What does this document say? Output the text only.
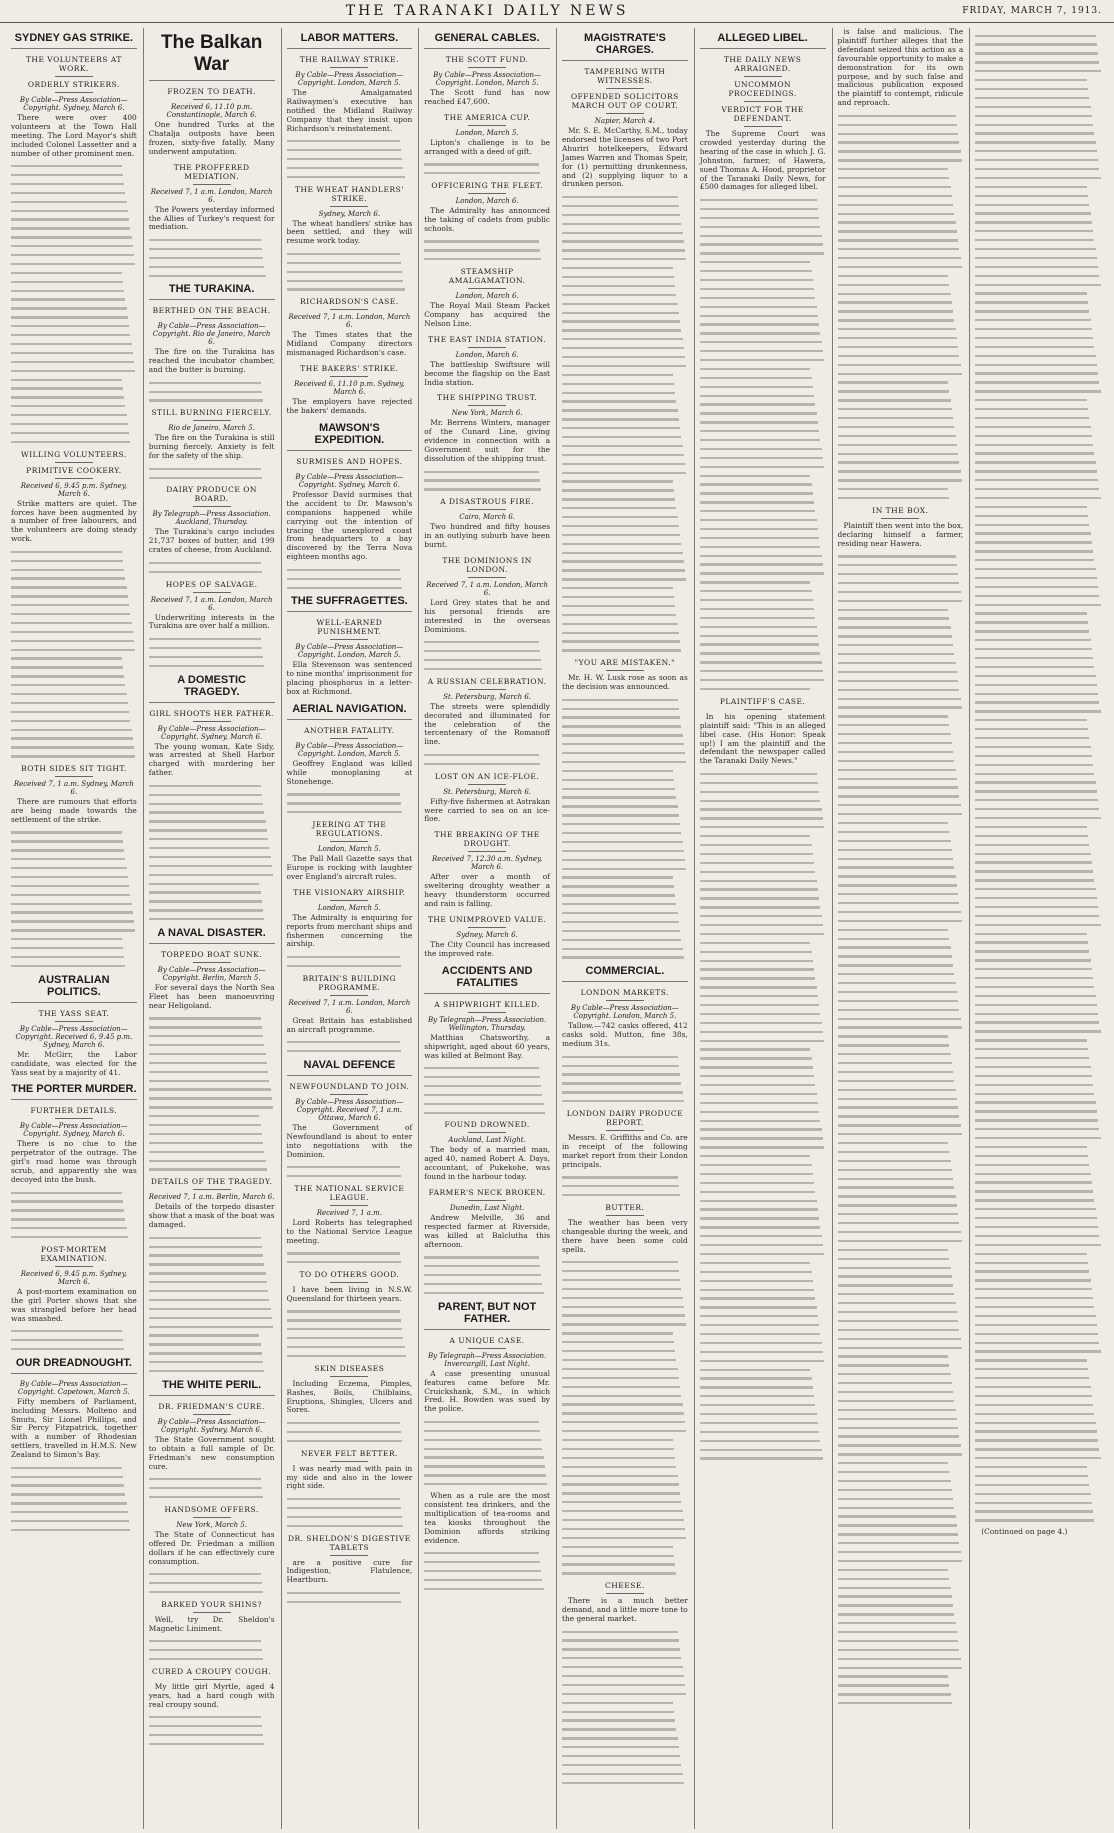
THE TARANAKI DAILY NEWS	FRIDAY, MARCH 7, 1913.
SYDNEY GAS STRIKE.
THE VOLUNTEERS AT WORK.
ORDERLY STRIKERS.
By Cable—Press Association—Copyright. Sydney, March 6.

There were over 400 volunteers at the Town Hall meeting. The Lord Mayor's shift included Colonel Lassetter and a number of other prominent men.

WILLING VOLUNTEERS.
PRIMITIVE COOKERY.
Received 6, 9.45 p.m. Sydney, March 6.

Strike matters are quiet. The forces have been augmented by a number of free labourers, and the volunteers are doing steady work.

BOTH SIDES SIT TIGHT.
Received 7, 1 a.m. Sydney, March 6.

There are rumours that efforts are being made towards the settlement of the strike.

AUSTRALIAN POLITICS.
THE YASS SEAT.
By Cable—Press Association—Copyright. Received 6, 9.45 p.m. Sydney, March 6.

Mr. McGirr, the Labor candidate, was elected for the Yass seat by a majority of 41.

THE PORTER MURDER.
FURTHER DETAILS.
By Cable—Press Association—Copyright. Sydney, March 6.

There is no clue to the perpetrator of the outrage. The girl's road home was through scrub, and apparently she was decoyed into the bush.

POST-MORTEM EXAMINATION.
Received 6, 9.45 p.m. Sydney, March 6.

A post-mortem examination on the girl Porter shows that she was strangled before her head was smashed.

OUR DREADNOUGHT.
By Cable—Press Association—Copyright. Capetown, March 5.

Fifty members of Parliament, including Messrs. Molteno and Smuts, Sir Lionel Phillips, and Sir Percy Fitzpatrick, together with a number of Rhodesian settlers, travelled in H.M.S. New Zealand to Simon's Bay.

The Balkan War
FROZEN TO DEATH.
Received 6, 11.10 p.m. Constantinople, March 6.

One hundred Turks at the Chatalja outposts have been frozen, sixty-five fatally. Many underwent amputation.

THE PROFFERED MEDIATION.
Received 7, 1 a.m. London, March 6.

The Powers yesterday informed the Allies of Turkey's request for mediation.

THE TURAKINA.
BERTHED ON THE BEACH.
By Cable—Press Association—Copyright. Rio de Janeiro, March 6.

The fire on the Turakina has reached the incubator chamber, and the butter is burning.

STILL BURNING FIERCELY.
Rio de Janeiro, March 5.

The fire on the Turakina is still burning fiercely. Anxiety is felt for the safety of the ship.

DAIRY PRODUCE ON BOARD.
By Telegraph—Press Association. Auckland, Thursday.

The Turakina's cargo includes 21,737 boxes of butter, and 199 crates of cheese, from Auckland.

HOPES OF SALVAGE.
Received 7, 1 a.m. London, March 6.

Underwriting interests in the Turakina are over half a million.

A DOMESTIC TRAGEDY.
GIRL SHOOTS HER FATHER.
By Cable—Press Association—Copyright. Sydney, March 6.

The young woman, Kate Sidy, was arrested at Shell Harbor charged with murdering her father.

A NAVAL DISASTER.
TORPEDO BOAT SUNK.
By Cable—Press Association—Copyright. Berlin, March 5.

For several days the North Sea Fleet has been manoeuvring near Heligoland.

DETAILS OF THE TRAGEDY.
Received 7, 1 a.m. Berlin, March 6.

Details of the torpedo disaster show that a mask of the boat was damaged.

THE WHITE PERIL.
DR. FRIEDMAN'S CURE.
By Cable—Press Association—Copyright. Sydney, March 6.

The State Government sought to obtain a full sample of Dr. Friedman's new consumption cure.

HANDSOME OFFERS.
New York, March 5.

The State of Connecticut has offered Dr. Friedman a million dollars if he can effectively cure consumption.

BARKED YOUR SHINS?

Well, try Dr. Sheldon's Magnetic Liniment.

CURED A CROUPY COUGH.

My little girl Myrtle, aged 4 years, had a hard cough with real croupy sound.

LABOR MATTERS.
THE RAILWAY STRIKE.
By Cable—Press Association—Copyright. London, March 5.

The Amalgamated Railwaymen's executive has notified the Midland Railway Company that they insist upon Richardson's reinstatement.

THE WHEAT HANDLERS' STRIKE.
Sydney, March 6.

The wheat handlers' strike has been settled, and they will resume work today.

RICHARDSON'S CASE.
Received 7, 1 a.m. London, March 6.

The Times states that the Midland Company directors mismanaged Richardson's case.

THE BAKERS' STRIKE.
Received 6, 11.10 p.m. Sydney, March 6.

The employers have rejected the bakers' demands.

MAWSON'S EXPEDITION.
SURMISES AND HOPES.
By Cable—Press Association—Copyright. Sydney, March 6.

Professor David surmises that the accident to Dr. Mawson's companions happened while carrying out the intention of tracing the unexplored coast from headquarters to a bay discovered by the Terra Nova eighteen months ago.

THE SUFFRAGETTES.
WELL-EARNED PUNISHMENT.
By Cable—Press Association—Copyright. London, March 5.

Ella Stevenson was sentenced to nine months' imprisonment for placing phosphorus in a letter-box at Richmond.

AERIAL NAVIGATION.
ANOTHER FATALITY.
By Cable—Press Association—Copyright. London, March 5.

Geoffrey England was killed while monoplaning at Stonehenge.

JEERING AT THE REGULATIONS.
London, March 5.

The Pall Mall Gazette says that Europe is rocking with laughter over England's aircraft rules.

THE VISIONARY AIRSHIP.
London, March 5.

The Admiralty is enquiring for reports from merchant ships and fishermen concerning the airship.

BRITAIN'S BUILDING PROGRAMME.
Received 7, 1 a.m. London, March 6.

Great Britain has established an aircraft programme.

NAVAL DEFENCE
NEWFOUNDLAND TO JOIN.
By Cable—Press Association—Copyright. Received 7, 1 a.m. Ottawa, March 6.

The Government of Newfoundland is about to enter into negotiations with the Dominion.

THE NATIONAL SERVICE LEAGUE.
Received 7, 1 a.m.

Lord Roberts has telegraphed to the National Service League meeting.

TO DO OTHERS GOOD.

I have been living in N.S.W. Queensland for thirteen years.

SKIN DISEASES

Including Eczema, Pimples, Rashes, Boils, Chilblains, Eruptions, Shingles, Ulcers and Sores.

NEVER FELT BETTER.

I was nearly mad with pain in my side and also in the lower right side.

DR. SHELDON'S DIGESTIVE TABLETS

are a positive cure for Indigestion, Flatulence, Heartburn.

GENERAL CABLES.
THE SCOTT FUND.
By Cable—Press Association—Copyright. London, March 5.

The Scott fund has now reached £47,600.

THE AMERICA CUP.
London, March 5.

Lipton's challenge is to be arranged with a deed of gift.

OFFICERING THE FLEET.
London, March 6.

The Admiralty has announced the taking of cadets from public schools.

STEAMSHIP AMALGAMATION.
London, March 6.

The Royal Mail Steam Packet Company has acquired the Nelson Line.

THE EAST INDIA STATION.
London, March 6.

The battleship Swiftsure will become the flagship on the East India station.

THE SHIPPING TRUST.
New York, March 6.

Mr. Berrens Winters, manager of the Cunard Line, giving evidence in connection with a Government suit for the dissolution of the shipping trust.

A DISASTROUS FIRE.
Cairo, March 6.

Two hundred and fifty houses in an outlying suburb have been burnt.

THE DOMINIONS IN LONDON.
Received 7, 1 a.m. London, March 6.

Lord Grey states that he and his personal friends are interested in the overseas Dominions.

A RUSSIAN CELEBRATION.
St. Petersburg, March 6.

The streets were splendidly decorated and illuminated for the celebration of the tercentenary of the Romanoff line.

LOST ON AN ICE-FLOE.
St. Petersburg, March 6.

Fifty-five fishermen at Astrakan were carried to sea on an ice-floe.

THE BREAKING OF THE DROUGHT.
Received 7, 12.30 a.m. Sydney, March 6.

After over a month of sweltering droughty weather a heavy thunderstorm occurred and rain is falling.

THE UNIMPROVED VALUE.
Sydney, March 6.

The City Council has increased the improved rate.

ACCIDENTS AND FATALITIES
A SHIPWRIGHT KILLED.
By Telegraph—Press Association. Wellington, Thursday.

Matthias Chatsworthy, a shipwright, aged about 60 years, was killed at Belmont Bay.

FOUND DROWNED.
Auckland, Last Night.

The body of a married man, aged 40, named Robert A. Days, accountant, of Pukekohe, was found in the harbour today.

FARMER'S NECK BROKEN.
Dunedin, Last Night.

Andrew Melville, 36 and respected farmer at Riverside, was killed at Balclutha this afternoon.

PARENT, BUT NOT FATHER.
A UNIQUE CASE.
By Telegraph—Press Association. Invercargill, Last Night.

A case presenting unusual features came before Mr. Cruickshank, S.M., in which Fred. H. Bowden was sued by the police.

When as a rule are the most consistent tea drinkers, and the multiplication of tea-rooms and tea kiosks throughout the Dominion affords striking evidence.

MAGISTRATE'S CHARGES.
TAMPERING WITH WITNESSES.
OFFENDED SOLICITORS MARCH OUT OF COURT.
Napier, March 4.

Mr. S. E. McCarthy, S.M., today endorsed the licenses of two Port Ahuriri hotelkeepers, Edward James Warren and Thomas Speir, for (1) permitting drunkenness, and (2) supplying liquor to a drunken person.

"YOU ARE MISTAKEN."

Mr. H. W. Lusk rose as soon as the decision was announced.

COMMERCIAL.
LONDON MARKETS.
By Cable—Press Association—Copyright. London, March 5.

Tallow.—742 casks offered, 412 casks sold. Mutton, fine 38s, medium 31s.

LONDON DAIRY PRODUCE REPORT.

Messrs. E. Griffiths and Co. are in receipt of the following market report from their London principals.

BUTTER.

The weather has been very changeable during the week, and there have been some cold spells.

CHEESE.

There is a much better demand, and a little more tone to the general market.

ALLEGED LIBEL.
THE DAILY NEWS ARRAIGNED.
UNCOMMON PROCEEDINGS.
VERDICT FOR THE DEFENDANT.

The Supreme Court was crowded yesterday during the hearing of the case in which J. G. Johnston, farmer, of Hawera, sued Thomas A. Hood, proprietor of the Taranaki Daily News, for £500 damages for alleged libel.

PLAINTIFF'S CASE.

In his opening statement plaintiff said: "This is an alleged libel case. (His Honor: Speak up!) I am the plaintiff and the defendant the newspaper called the Taranaki Daily News."

is false and malicious. The plaintiff further alleges that the defendant seized this action as a favourable opportunity to make a demonstration for its own purpose, and by such false and malicious publication exposed the plaintiff to contempt, ridicule and reproach.

IN THE BOX.

Plaintiff then went into the box, declaring himself a farmer, residing near Hawera.

(Continued on page 4.)
